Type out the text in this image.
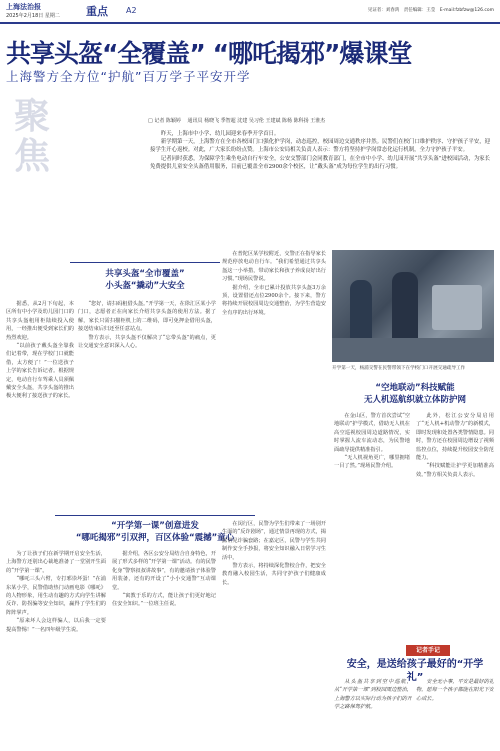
上海法治报
2025年2月18日 星期二 重点 A2	见证者：刘春鸿　责任编辑：王莹　E-mail:fzbfzw@126.com
共享头盔“全覆盖” “哪吒揭邪”爆课堂
上海警方全方位“护航”百万学子平安开学
聚
焦
□ 记者 陈颖婷 　通讯员 杨晓飞 季智超 沈建 吴习伦 王建斌 陈杨 陈科扬 王淮杰

昨天，上海市中小学、幼儿园迎来春季开学首日。

新学期第一天，上海警方在全市各校园门口强化护学岗，动态巡控，校园周边交通秩序井然。民警们在校门口维护秩序、守护孩子平安，迎接学生开心返校。对此，广大家长纷纷点赞。上海市公安局相关负责人表示：警方将坚持护学岗常态化运行机制，全力守护孩子平安。

记者同时获悉，为保障学生乘坐电动自行车安全，公安交警部门会同教育部门，在全市中小学、幼儿园开展“共享头盔”进校园活动，为家长免费提供儿童安全头盔借用服务，目前已覆盖全市2900余个校区，让“戴头盔”成为每位学生的出行习惯。

共享头盔“全市覆盖”
小头盔“撬动”大安全

据悉，从2月下旬起，本区所有中小学及幼儿园门口的共享头盔租用柜陆续投入使用，一经推出便受到家长们的热烈欢迎。

“以前孩子戴头盔全靠我们记着带，现在学校门口就能借，太方便了！”一位送孩子上学的家长告诉记者。根据规定，电动自行车驾乘人员须佩戴安全头盔，共享头盔的推出极大便利了接送孩子的家长。

“您好，请扫码租借头盔。”开学第一天，在徐汇区某小学门口，志愿者正在向家长介绍共享头盔的使用方法。据了解，家长只需扫描柜机上的二维码，即可免押金借用头盔，接送结束后归还至任意站点。

警方表示，共享头盔不仅解决了“忘带头盔”的痛点，更让交通安全意识深入人心。

在普陀区某学校附近，交警正在指导家长规范停放电动自行车。“我们希望通过共享头盔这一小举措，带动家长和孩子养成良好出行习惯。”现场民警说。

据介绍，全市已累计投放共享头盔3万余顶，设置借还点位2900余个。接下来，警方将持续开展校园周边交通整治，为学生营造安全有序的出行环境。

开学第一天，杨浦交警在民警带领下在学校门口开展交通疏导工作
“空地联动”科技赋能
无人机巡航织就立体防护网

在金山区，警方首次尝试“空地联动”护学模式，借助无人机在高空巡视校园周边道路情况，实时掌握人流车流动态，为民警地面疏导提供精准指引。

“无人机视角更广，哪里拥堵一目了然。”现场民警介绍。

此外，松江公安分局启用了“无人机+机动警力”的新模式，即时发现和处置各类警情隐患。同时，警方还在校园周边增设了视频监控点位，持续提升校园安全防范能力。

“科技赋能让护学更加精准高效。”警方相关负责人表示。

“开学第一课”创意进发
“哪吒揭邪”引双押，百区体验“震撼”童心

为了让孩子们在新学期开启安全生活，上海警方还别出心裁地准备了一堂别开生面的“开学第一课”。

“哪吒三头六臂，专打邪祟坏蛋！”在浦东某小学，民警借助热门动画电影《哪吒》的人物形象，用生动有趣的方式向学生讲解反诈、防拐骗等安全知识，赢得了学生们的阵阵掌声。

“原来坏人会这样骗人，以后我一定要提高警惕！”一名四年级学生说。

据介绍，各区公安分局结合自身特色，开展了形式多样的“开学第一课”活动。有的民警化身“警察叔叔讲故事”，有的邀请孩子体验警用装备，还有的开设了“小小交通警”互动课堂。

“寓教于乐的方式，能让孩子们更好地记住安全知识。”一位班主任说。

在闵行区，民警为学生们带来了一场别开生面的“反诈剧场”，通过情景再现的方式，揭露常见诈骗套路；在嘉定区，民警与学生共同制作安全手抄报，将安全知识融入日常学习生活中。

警方表示，将持续深化警校合作，把安全教育融入校园生活，共同守护孩子们健康成长。

记者手记
安全，是送给孩子最好的“开学礼”

从头盔共享到空中巡航，从“开学第一课”到校园周边整治，上海警方以实际行动为孩子们的开学之路保驾护航。

安全无小事，平安是最好的礼物。愿每一个孩子都能在阳光下安心成长。
